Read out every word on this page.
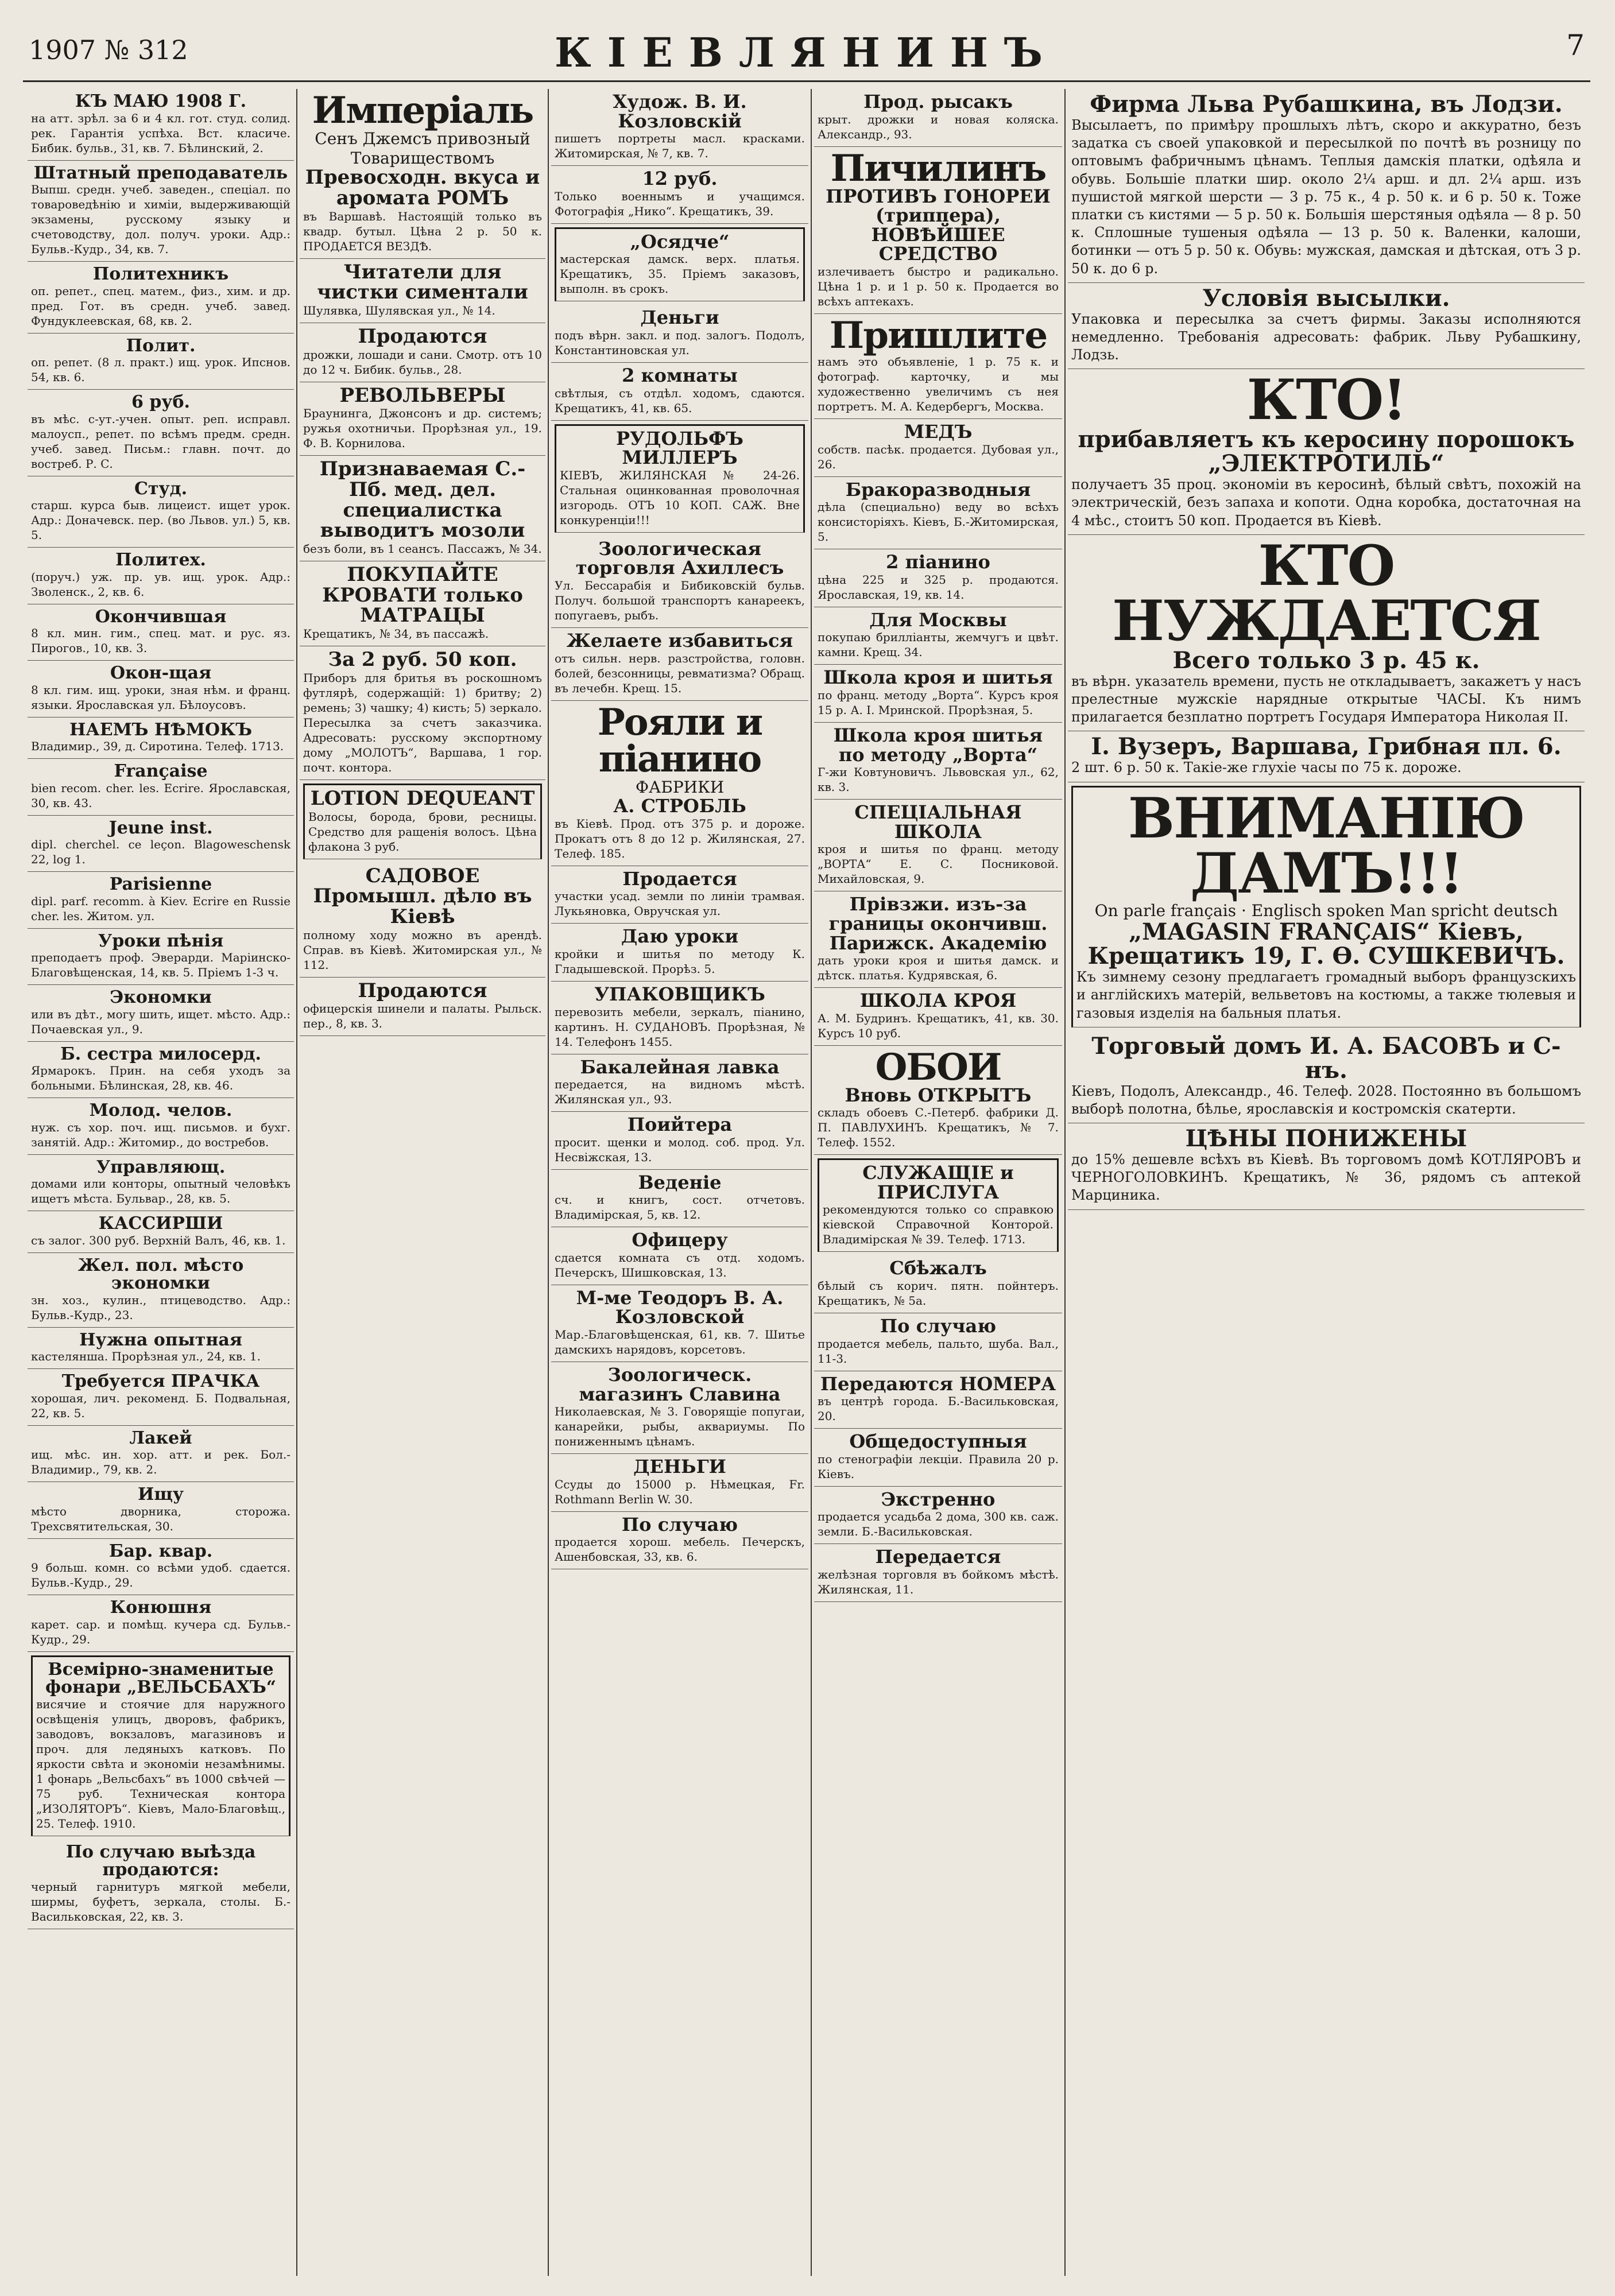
1907 № 312	КІЕВЛЯНИНЪ	7
КЪ МАЮ 1908 Г.
на атт. зрѣл. за 6 и 4 кл. гот. студ. солид. рек. Гарантія успѣха. Вст. класиче. Бибик. бульв., 31, кв. 7. Бѣлинский, 2.
Штатный преподаватель
Выпш. средн. учеб. заведен., спеціал. по товароведѣнію и химіи, выдерживающій экзамены, русскому языку и счетоводству, дол. получ. уроки. Адр.: Бульв.-Кудр., 34, кв. 7.
Политехникъ
оп. репет., спец. матем., физ., хим. и др. пред. Гот. въ средн. учеб. завед. Фундуклеевская, 68, кв. 2.
Полит.
оп. репет. (8 л. практ.) ищ. урок. Ипснов. 54, кв. 6.
6 руб.
въ мѣс. с-ут.-учен. опыт. реп. исправл. малоусп., репет. по всѣмъ предм. средн. учеб. завед. Письм.: главн. почт. до востреб. Р. С.
Студ.
старш. курса быв. лицеист. ищет урок. Адр.: Доначевск. пер. (во Львов. ул.) 5, кв. 5.
Политех.
(поруч.) уж. пр. ув. ищ. урок. Адр.: Зволенск., 2, кв. 6.
Окончившая
8 кл. мин. гим., спец. мат. и рус. яз. Пирогов., 10, кв. 3.
Окон-щая
8 кл. гим. ищ. уроки, зная нѣм. и франц. языки. Ярославская ул. Бѣлоусовъ.
НАЕМЪ НѢМОКЪ
Владимир., 39, д. Сиротина. Телеф. 1713.
Française
bien recom. cher. les. Ecrire. Ярославская, 30, кв. 43.
Jeune inst.
dipl. cherchel. ce leçon. Blagoweschensk 22, log 1.
Parisienne
dipl. parf. recomm. à Kiev. Ecrire en Russie cher. les. Житом. ул.
Уроки пѣнія
преподаетъ проф. Эверарди. Маріинско-Благовѣщенская, 14, кв. 5. Пріемъ 1-3 ч.
Экономки
или въ дѣт., могу шить, ищет. мѣсто. Адр.: Почаевская ул., 9.
Б. сестра милосерд.
Ярмарокъ. Прин. на себя уходъ за больными. Бѣлинская, 28, кв. 46.
Молод. челов.
нуж. съ хор. поч. ищ. письмов. и бухг. занятій. Адр.: Житомир., до востребов.
Управляющ.
домами или конторы, опытный человѣкъ ищетъ мѣста. Бульвар., 28, кв. 5.
КАССИРШИ
съ залог. 300 руб. Верхній Валъ, 46, кв. 1.
Жел. пол. мѣсто экономки
зн. хоз., кулин., птицеводство. Адр.: Бульв.-Кудр., 23.
Нужна опытная
кастелянша. Прорѣзная ул., 24, кв. 1.
Требуется ПРАЧКА
хорошая, лич. рекоменд. Б. Подвальная, 22, кв. 5.
Лакей
ищ. мѣс. ин. хор. атт. и рек. Бол.-Владимир., 79, кв. 2.
Ищу
мѣсто дворника, сторожа. Трехсвятительская, 30.
Бар. квар.
9 больш. комн. со всѣми удоб. сдается. Бульв.-Кудр., 29.
Конюшня
карет. сар. и помѣщ. кучера сд. Бульв.-Кудр., 29.
Всемірно-знаменитые фонари „ВЕЛЬСБАХЪ“
висячие и стоячие для наружного освѣщенія улицъ, дворовъ, фабрикъ, заводовъ, вокзаловъ, магазиновъ и проч. для ледяныхъ катковъ. По яркости свѣта и экономіи незамѣнимы. 1 фонарь „Вельсбахъ“ въ 1000 свѣчей — 75 руб. Техническая контора „ИЗОЛЯТОРЪ“. Кіевъ, Мало-Благовѣщ., 25. Телеф. 1910.
По случаю выѣзда продаются:
черный гарнитуръ мягкой мебели, ширмы, буфетъ, зеркала, столы. Б.-Васильковская, 22, кв. 3.
Имперіаль
Сенъ Джемсъ привозный Товариществомъ
Превосходн. вкуса и аромата РОМЪ
въ Варшавѣ. Настоящій только въ квадр. бутыл. Цѣна 2 р. 50 к. ПРОДАЕТСЯ ВЕЗДѢ.
Читатели для чистки симентали
Шулявка, Шулявская ул., № 14.
Продаются
дрожки, лошади и сани. Смотр. отъ 10 до 12 ч. Бибик. бульв., 28.
РЕВОЛЬВЕРЫ
Браунинга, Джонсонъ и др. системъ; ружья охотничьи. Прорѣзная ул., 19. Ф. В. Корнилова.
Признаваемая С.-Пб. мед. дел. специалистка выводитъ мозоли
безъ боли, въ 1 сеансъ. Пассажъ, № 34.
ПОКУПАЙТЕ КРОВАТИ только МАТРАЦЫ
Крещатикъ, № 34, въ пассажѣ.
За 2 руб. 50 коп.
Приборъ для бритья въ роскошномъ футлярѣ, содержащій: 1) бритву; 2) ремень; 3) чашку; 4) кисть; 5) зеркало. Пересылка за счетъ заказчика. Адресовать: русскому экспортному дому „МОЛОТЪ“, Варшава, 1 гор. почт. контора.
LOTION DEQUEANT
Волосы, борода, брови, ресницы. Средство для ращенія волосъ. Цѣна флакона 3 руб.
САДОВОЕ Промышл. дѣло въ Кіевѣ
полному ходу можно въ арендѣ. Справ. въ Кіевѣ. Житомирская ул., № 112.
Продаются
офицерскія шинели и палаты. Рыльск. пер., 8, кв. 3.
Худож. В. И. Козловскій
пишетъ портреты масл. красками. Житомирская, № 7, кв. 7.
12 руб.
Только военнымъ и учащимся. Фотографія „Нико“. Крещатикъ, 39.
„Осядче“
мастерская дамск. верх. платья. Крещатикъ, 35. Пріемъ заказовъ, выполн. въ срокъ.
Деньги
подъ вѣрн. закл. и под. залогъ. Подолъ, Константиновская ул.
2 комнаты
свѣтлыя, съ отдѣл. ходомъ, сдаются. Крещатикъ, 41, кв. 65.
РУДОЛЬФЪ МИЛЛЕРЪ
КІЕВЪ, ЖИЛЯНСКАЯ № 24-26. Стальная оцинкованная проволочная изгородь. ОТЪ 10 КОП. САЖ. Вне конкуренціи!!!
Зоологическая торговля Ахиллесъ
Ул. Бессарабія и Бибиковскій бульв. Получ. большой транспортъ канареекъ, попугаевъ, рыбъ.
Желаете избавиться
отъ сильн. нерв. разстройства, головн. болей, безсонницы, ревматизма? Обращ. въ лечебн. Крещ. 15.
Рояли и піанино
ФАБРИКИ
А. СТРОБЛЬ
въ Кіевѣ. Прод. отъ 375 р. и дороже. Прокатъ отъ 8 до 12 р. Жилянская, 27. Телеф. 185.
Продается
участки усад. земли по линіи трамвая. Лукьяновка, Овручская ул.
Даю уроки
кройки и шитья по методу К. Гладышевской. Прорѣз. 5.
УПАКОВЩИКЪ
перевозить мебели, зеркалъ, піанино, картинъ. Н. СУДАНОВЪ. Прорѣзная, № 14. Телефонъ 1455.
Бакалейная лавка
передается, на видномъ мѣстѣ. Жилянская ул., 93.
Поийтера
просит. щенки и молод. соб. прод. Ул. Несвіжская, 13.
Веденіе
сч. и книгъ, сост. отчетовъ. Владимірская, 5, кв. 12.
Офицеру
сдается комната съ отд. ходомъ. Печерскъ, Шишковская, 13.
М-ме Теодоръ В. А. Козловской
Мар.-Благовѣщенская, 61, кв. 7. Шитье дамскихъ нарядовъ, корсетовъ.
Зоологическ. магазинъ Славина
Николаевская, № 3. Говорящіе попугаи, канарейки, рыбы, аквариумы. По пониженнымъ цѣнамъ.
ДЕНЬГИ
Ссуды до 15000 р. Нѣмецкая, Fr. Rothmann Berlin W. 30.
По случаю
продается хорош. мебель. Печерскъ, Ашенбовская, 33, кв. 6.
Прод. рысакъ
крыт. дрожки и новая коляска. Александр., 93.
Пичилинъ
ПРОТИВЪ ГОНОРЕИ (триппера), НОВѢЙШЕЕ СРЕДСТВО
излечиваетъ быстро и радикально. Цѣна 1 р. и 1 р. 50 к. Продается во всѣхъ аптекахъ.
Пришлите
намъ это объявленіе, 1 р. 75 к. и фотограф. карточку, и мы художественно увеличимъ съ нея портретъ. М. А. Кедербергъ, Москва.
МЕДЪ
собств. пасѣк. продается. Дубовая ул., 26.
Бракоразводныя
дѣла (специально) веду во всѣхъ консисторіяхъ. Кіевъ, Б.-Житомирская, 5.
2 піанино
цѣна 225 и 325 р. продаются. Ярославская, 19, кв. 14.
Для Москвы
покупаю брилліанты, жемчугъ и цвѣт. камни. Крещ. 34.
Школа кроя и шитья
по франц. методу „Ворта“. Курсъ кроя 15 р. А. І. Мринской. Прорѣзная, 5.
Школа кроя шитья по методу „Ворта“
Г-жи Ковтуновичъ. Львовская ул., 62, кв. 3.
СПЕЦІАЛЬНАЯ ШКОЛА
кроя и шитья по франц. методу „ВОРТА“ Е. С. Посниковой. Михайловская, 9.
Прівзжи. изъ-за границы окончивш. Парижск. Академію
дать уроки кроя и шитья дамск. и дѣтск. платья. Кудрявская, 6.
ШКОЛА КРОЯ
А. М. Будринъ. Крещатикъ, 41, кв. 30. Курсъ 10 руб.
ОБОИ
Вновь ОТКРЫТЪ
складъ обоевъ С.-Петерб. фабрики Д. П. ПАВЛУХИНЪ. Крещатикъ, № 7. Телеф. 1552.
СЛУЖАЩІЕ и ПРИСЛУГА
рекомендуются только со справкою кіевской Справочной Конторой. Владимірская № 39. Телеф. 1713.
Сбѣжалъ
бѣлый съ корич. пятн. пойнтеръ. Крещатикъ, № 5а.
По случаю
продается мебель, пальто, шуба. Вал., 11-3.
Передаются НОМЕРА
въ центрѣ города. Б.-Васильковская, 20.
Общедоступныя
по стенографіи лекціи. Правила 20 р. Кіевъ.
Экстренно
продается усадьба 2 дома, 300 кв. саж. земли. Б.-Васильковская.
Передается
желѣзная торговля въ бойкомъ мѣстѣ. Жилянская, 11.
Фирма Льва Рубашкина, въ Лодзи.
Высылаетъ, по примѣру прошлыхъ лѣтъ, скоро и аккуратно, безъ задатка съ своей упаковкой и пересылкой по почтѣ въ розницу по оптовымъ фабричнымъ цѣнамъ. Теплыя дамскія платки, одѣяла и обувь. Большіе платки шир. около 2¼ арш. и дл. 2¼ арш. изъ пушистой мягкой шерсти — 3 р. 75 к., 4 р. 50 к. и 6 р. 50 к. Тоже платки съ кистями — 5 р. 50 к. Большія шерстяныя одѣяла — 8 р. 50 к. Сплошные тушеныя одѣяла — 13 р. 50 к. Валенки, калоши, ботинки — отъ 5 р. 50 к. Обувь: мужская, дамская и дѣтская, отъ 3 р. 50 к. до 6 р.
Условія высылки.
Упаковка и пересылка за счетъ фирмы. Заказы исполняются немедленно. Требованія адресовать: фабрик. Льву Рубашкину, Лодзь.
КТО!
прибавляетъ къ керосину порошокъ „ЭЛЕКТРОТИЛЬ“
получаетъ 35 проц. экономіи въ керосинѣ, бѣлый свѣтъ, похожій на электрическій, безъ запаха и копоти. Одна коробка, достаточная на 4 мѣс., стоитъ 50 коп. Продается въ Кіевѣ.
КТО НУЖДАЕТСЯ
Всего только 3 р. 45 к.
въ вѣрн. указатель времени, пусть не откладываетъ, закажетъ у насъ прелестные мужскіе нарядные открытые ЧАСЫ. Къ нимъ прилагается безплатно портретъ Государя Императора Николая II.
І. Вузеръ, Варшава, Грибная пл. 6.
2 шт. 6 р. 50 к. Такіе-же глухіе часы по 75 к. дороже.
ВНИМАНІЮ ДАМЪ!!!
On parle français · Englisch spoken Man spricht deutsch
„MAGASIN FRANÇAIS“ Кіевъ, Крещатикъ 19, Г. Ѳ. СУШКЕВИЧЪ.
Къ зимнему сезону предлагаетъ громадный выборъ французскихъ и англійскихъ матерій, вельветовъ на костюмы, а также тюлевыя и газовыя изделія на бальныя платья.
Торговый домъ И. А. БАСОВЪ и С-нъ.
Кіевъ, Подолъ, Александр., 46. Телеф. 2028. Постоянно въ большомъ выборѣ полотна, бѣлье, ярославскія и костромскія скатерти.
ЦѢНЫ ПОНИЖЕНЫ
до 15% дешевле всѣхъ въ Кіевѣ. Въ торговомъ домѣ КОТЛЯРОВЪ и ЧЕРНОГОЛОВКИНЪ. Крещатикъ, № 36, рядомъ съ аптекой Марциника.
